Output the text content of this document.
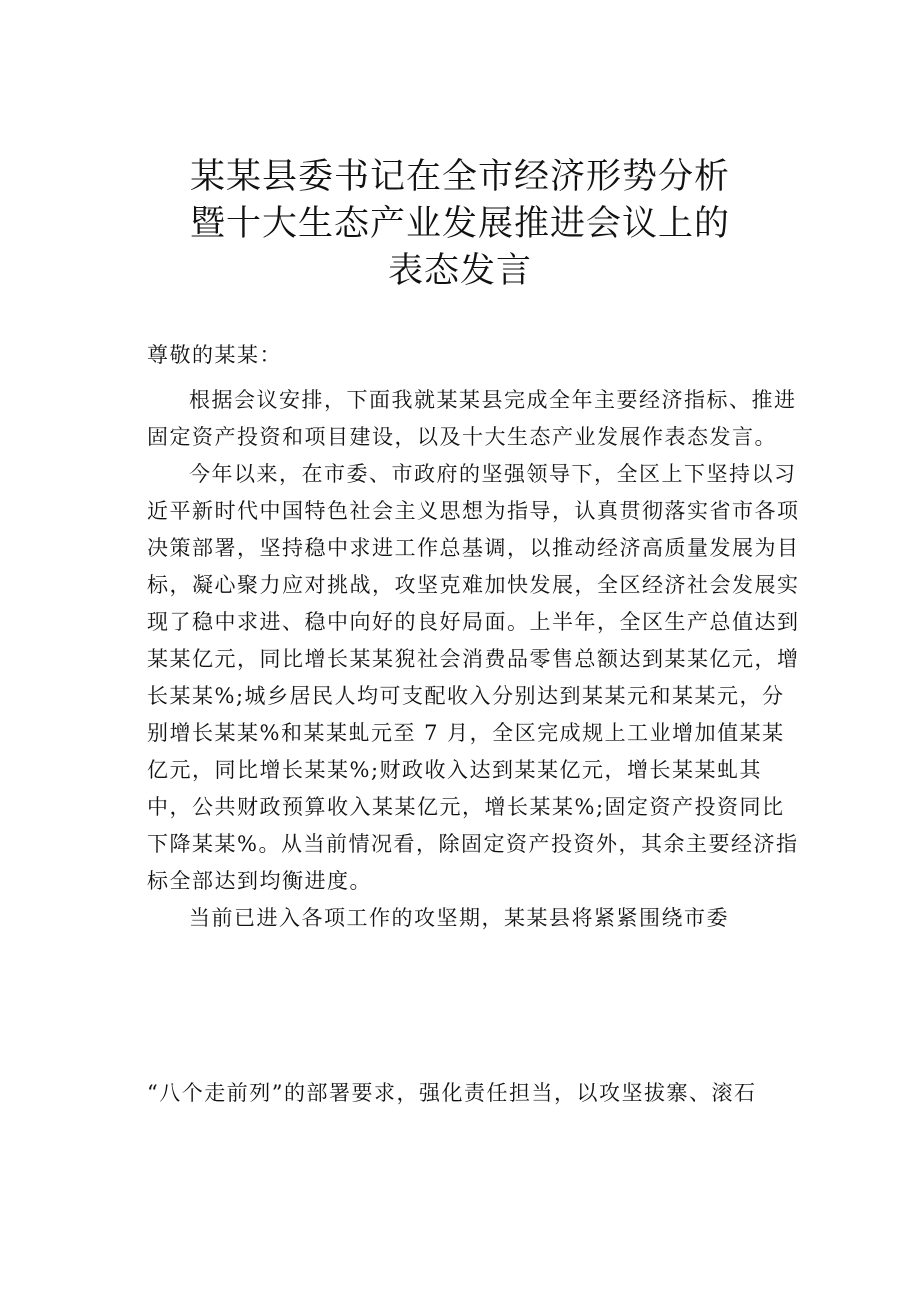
某某县委书记在全市经济形势分析
暨十大生态产业发展推进会议上的
表态发言

尊敬的某某：

根据会议安排，下面我就某某县完成全年主要经济指标、推进固定资产投资和项目建设，以及十大生态产业发展作表态发言。

今年以来，在市委、市政府的坚强领导下，全区上下坚持以习近平新时代中国特色社会主义思想为指导，认真贯彻落实省市各项决策部署，坚持稳中求进工作总基调，以推动经济高质量发展为目标，凝心聚力应对挑战，攻坚克难加快发展，全区经济社会发展实现了稳中求进、稳中向好的良好局面。上半年，全区生产总值达到某某亿元，同比增长某某猊社会消费品零售总额达到某某亿元，增长某某%;城乡居民人均可支配收入分别达到某某元和某某元，分别增长某某%和某某虬元至 7 月，全区完成规上工业增加值某某亿元，同比增长某某%;财政收入达到某某亿元，增长某某虬其中，公共财政预算收入某某亿元，增长某某%;固定资产投资同比下降某某%。从当前情况看，除固定资产投资外，其余主要经济指标全部达到均衡进度。

当前已进入各项工作的攻坚期，某某县将紧紧围绕市委

“八个走前列”的部署要求，强化责任担当，以攻坚拔寨、滚石
